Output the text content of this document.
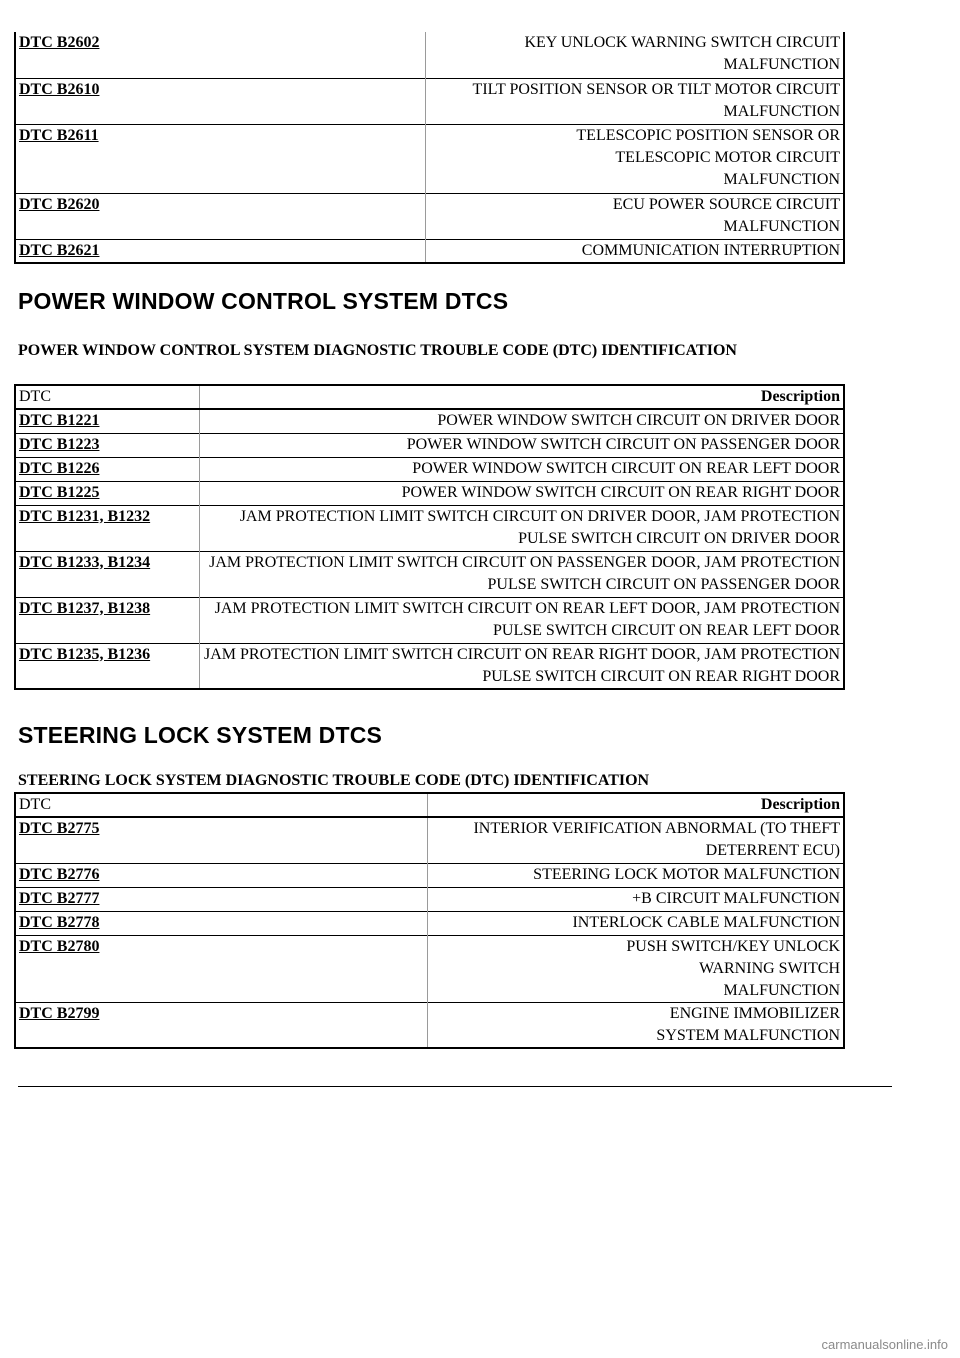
DTC B2602	KEY UNLOCK WARNING SWITCH CIRCUIT MALFUNCTION
DTC B2610	TILT POSITION SENSOR OR TILT MOTOR CIRCUIT MALFUNCTION
DTC B2611	TELESCOPIC POSITION SENSOR OR TELESCOPIC MOTOR CIRCUIT MALFUNCTION
DTC B2620	ECU POWER SOURCE CIRCUIT MALFUNCTION
DTC B2621	COMMUNICATION INTERRUPTION
POWER WINDOW CONTROL SYSTEM DTCS

POWER WINDOW CONTROL SYSTEM DIAGNOSTIC TROUBLE CODE (DTC) IDENTIFICATION

DTC	Description
DTC B1221	POWER WINDOW SWITCH CIRCUIT ON DRIVER DOOR
DTC B1223	POWER WINDOW SWITCH CIRCUIT ON PASSENGER DOOR
DTC B1226	POWER WINDOW SWITCH CIRCUIT ON REAR LEFT DOOR
DTC B1225	POWER WINDOW SWITCH CIRCUIT ON REAR RIGHT DOOR
DTC B1231, B1232	JAM PROTECTION LIMIT SWITCH CIRCUIT ON DRIVER DOOR, JAM PROTECTION PULSE SWITCH CIRCUIT ON DRIVER DOOR
DTC B1233, B1234	JAM PROTECTION LIMIT SWITCH CIRCUIT ON PASSENGER DOOR, JAM PROTECTION PULSE SWITCH CIRCUIT ON PASSENGER DOOR
DTC B1237, B1238	JAM PROTECTION LIMIT SWITCH CIRCUIT ON REAR LEFT DOOR, JAM PROTECTION PULSE SWITCH CIRCUIT ON REAR LEFT DOOR
DTC B1235, B1236	JAM PROTECTION LIMIT SWITCH CIRCUIT ON REAR RIGHT DOOR, JAM PROTECTION PULSE SWITCH CIRCUIT ON REAR RIGHT DOOR
STEERING LOCK SYSTEM DTCS

STEERING LOCK SYSTEM DIAGNOSTIC TROUBLE CODE (DTC) IDENTIFICATION

DTC	Description
DTC B2775	INTERIOR VERIFICATION ABNORMAL (TO THEFT DETERRENT ECU)
DTC B2776	STEERING LOCK MOTOR MALFUNCTION
DTC B2777	+B CIRCUIT MALFUNCTION
DTC B2778	INTERLOCK CABLE MALFUNCTION
DTC B2780	PUSH SWITCH/KEY UNLOCK WARNING SWITCH MALFUNCTION
DTC B2799	ENGINE IMMOBILIZER SYSTEM MALFUNCTION
carmanualsonline.info
